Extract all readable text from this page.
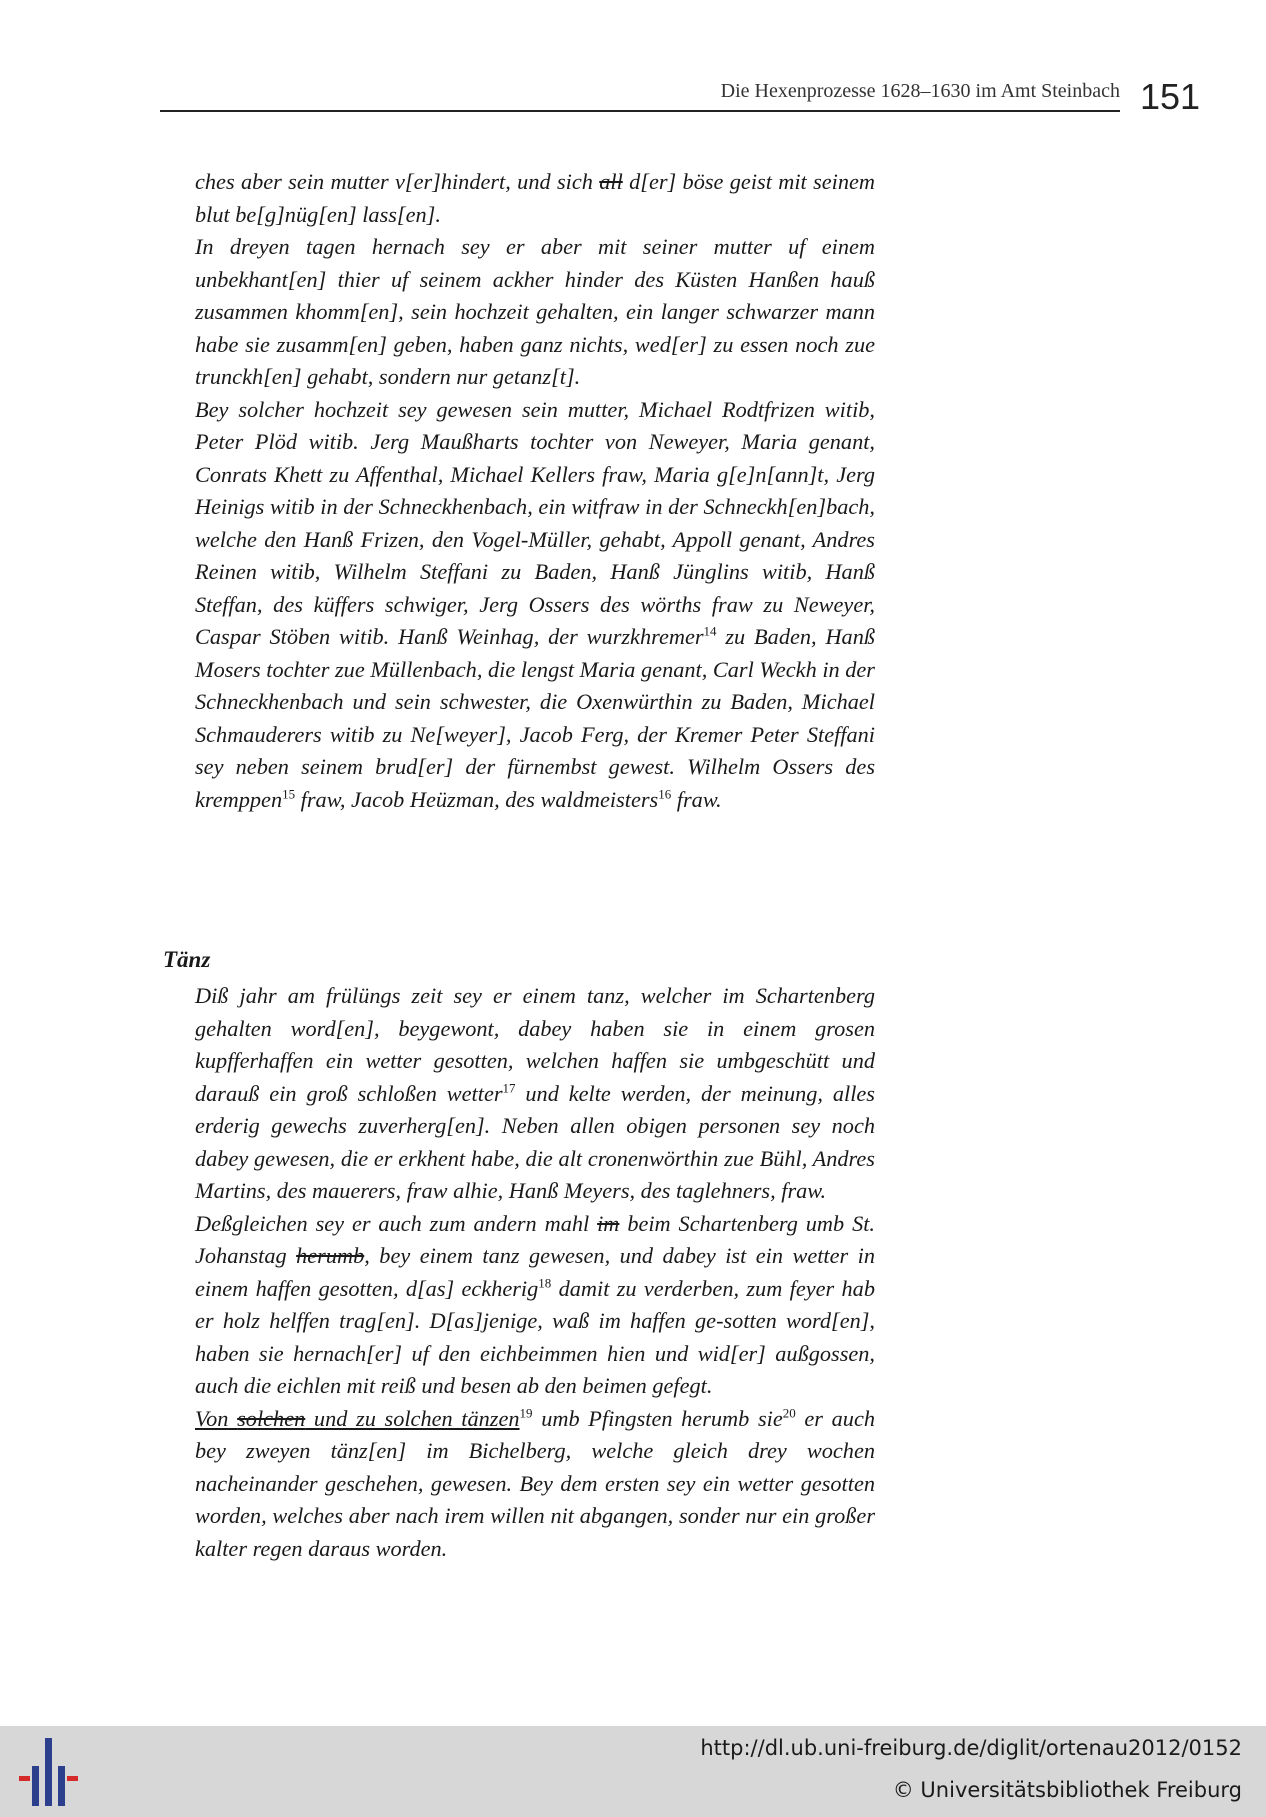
Die Hexenprozesse 1628–1630 im Amt Steinbach 151

ches aber sein mutter v[er]hindert, und sich all d[er] böse geist mit seinem blut be[g]nüg[en] lass[en].

In dreyen tagen hernach sey er aber mit seiner mutter uf einem unbekhant[en] thier uf seinem ackher hinder des Küsten Hanßen hauß zusammen khomm[en], sein hochzeit gehalten, ein langer schwarzer mann habe sie zusamm[en] geben, haben ganz nichts, wed[er] zu essen noch zue trunckh[en] gehabt, sondern nur getanz[t].

Bey solcher hochzeit sey gewesen sein mutter, Michael Rodtfrizen witib, Peter Plöd witib. Jerg Maußharts tochter von Neweyer, Maria genant, Conrats Khett zu Affenthal, Michael Kellers fraw, Maria g[e]n[ann]t, Jerg Heinigs witib in der Schneckhenbach, ein witfraw in der Schneckh[en]bach, welche den Hanß Frizen, den Vogel-Müller, gehabt, Appoll genant, Andres Reinen witib, Wilhelm Steffani zu Baden, Hanß Jünglins witib, Hanß Steffan, des küffers schwiger, Jerg Ossers des wörths fraw zu Neweyer, Caspar Stöben witib. Hanß Weinhag, der wurzkhremer$^{14}$ zu Baden, Hanß Mosers tochter zue Müllenbach, die lengst Maria genant, Carl Weckh in der Schneckhenbach und sein schwester, die Oxenwürthin zu Baden, Michael Schmauderers witib zu Ne[weyer], Jacob Ferg, der Kremer Peter Steffani sey neben seinem brud[er] der fürnembst gewest. Wilhelm Ossers des kremppen$^{15}$ fraw, Jacob Heüzman, des waldmeisters$^{16}$ fraw.

Tänz

Diß jahr am frülüngs zeit sey er einem tanz, welcher im Schartenberg gehalten word[en], beygewont, dabey haben sie in einem grosen kupfferhaffen ein wetter gesotten, welchen haffen sie umbgeschütt und darauß ein groß schloßen wetter$^{17}$ und kelte werden, der meinung, alles erderig gewechs zuverherg[en]. Neben allen obigen personen sey noch dabey gewesen, die er erkhent habe, die alt cronenwörthin zue Bühl, Andres Martins, des mauerers, fraw alhie, Hanß Meyers, des taglehners, fraw.

Deßgleichen sey er auch zum andern mahl im beim Schartenberg umb St. Johanstag herumb, bey einem tanz gewesen, und dabey ist ein wetter in einem haffen gesotten, d[as] eckherig$^{18}$ damit zu verderben, zum feyer hab er holz helffen trag[en]. D[as]jenige, waß im haffen ge-sotten word[en], haben sie hernach[er] uf den eichbeimmen hien und wid[er] außgossen, auch die eichlen mit reiß und besen ab den beimen gefegt.

Von solchen und zu solchen tänzen$^{19}$ umb Pfingsten herumb sie$^{20}$ er auch bey zweyen tänz[en] im Bichelberg, welche gleich drey wochen nacheinander geschehen, gewesen. Bey dem ersten sey ein wetter gesotten worden, welches aber nach irem willen nit abgangen, sonder nur ein großer kalter regen daraus worden.

http://dl.ub.uni-freiburg.de/diglit/ortenau2012/0152
© Universitätsbibliothek Freiburg
